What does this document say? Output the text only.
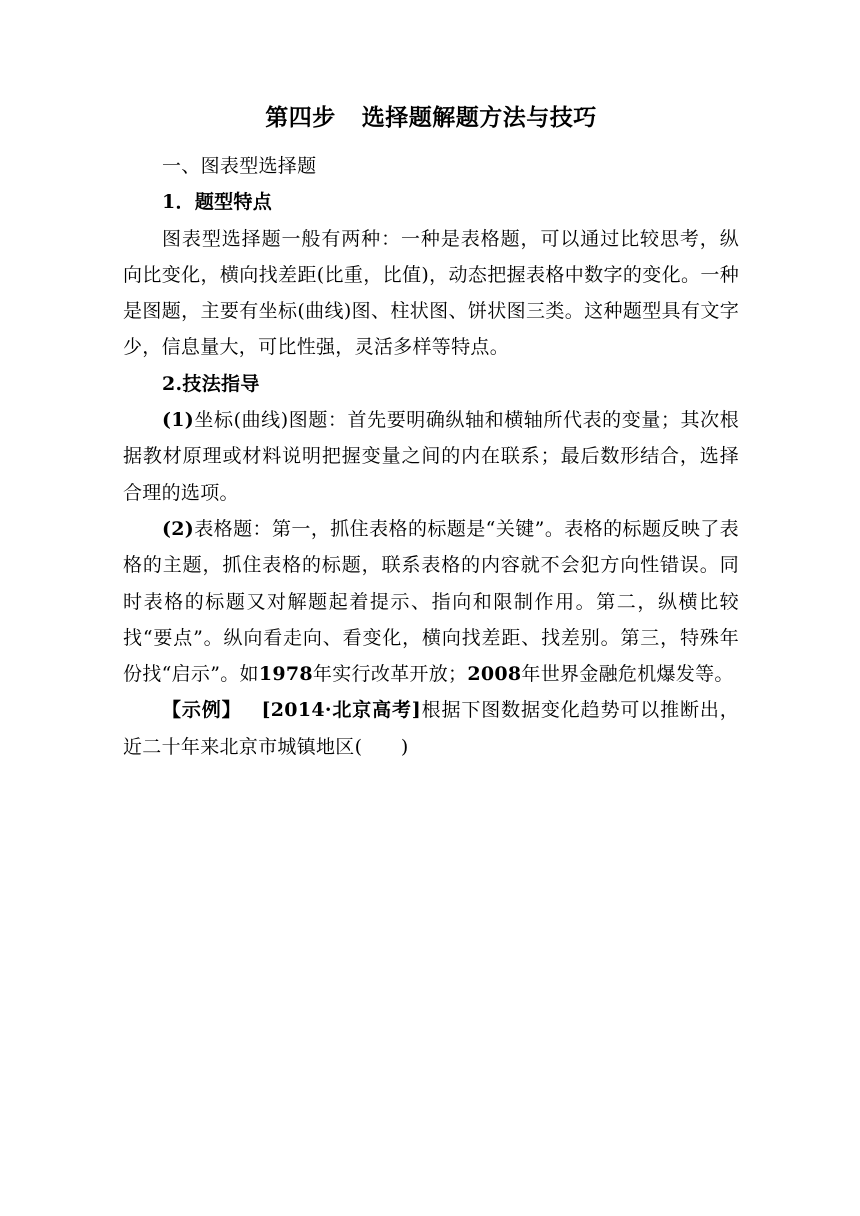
第四步 选择题解题方法与技巧

一、图表型选择题

1．题型特点

图表型选择题一般有两种：一种是表格题，可以通过比较思考，纵向比变化，横向找差距(比重，比值)，动态把握表格中数字的变化。一种是图题，主要有坐标(曲线)图、柱状图、饼状图三类。这种题型具有文字少，信息量大，可比性强，灵活多样等特点。

2.技法指导

(1)坐标(曲线)图题：首先要明确纵轴和横轴所代表的变量；其次根据教材原理或材料说明把握变量之间的内在联系；最后数形结合，选择合理的选项。

(2)表格题：第一，抓住表格的标题是“关键”。表格的标题反映了表格的主题，抓住表格的标题，联系表格的内容就不会犯方向性错误。同时表格的标题又对解题起着提示、指向和限制作用。第二，纵横比较找“要点”。纵向看走向、看变化，横向找差距、找差别。第三，特殊年份找“启示”。如1978年实行改革开放；2008年世界金融危机爆发等。

【示例】 [2014·北京高考]根据下图数据变化趋势可以推断出，近二十年来北京市城镇地区(　　)
